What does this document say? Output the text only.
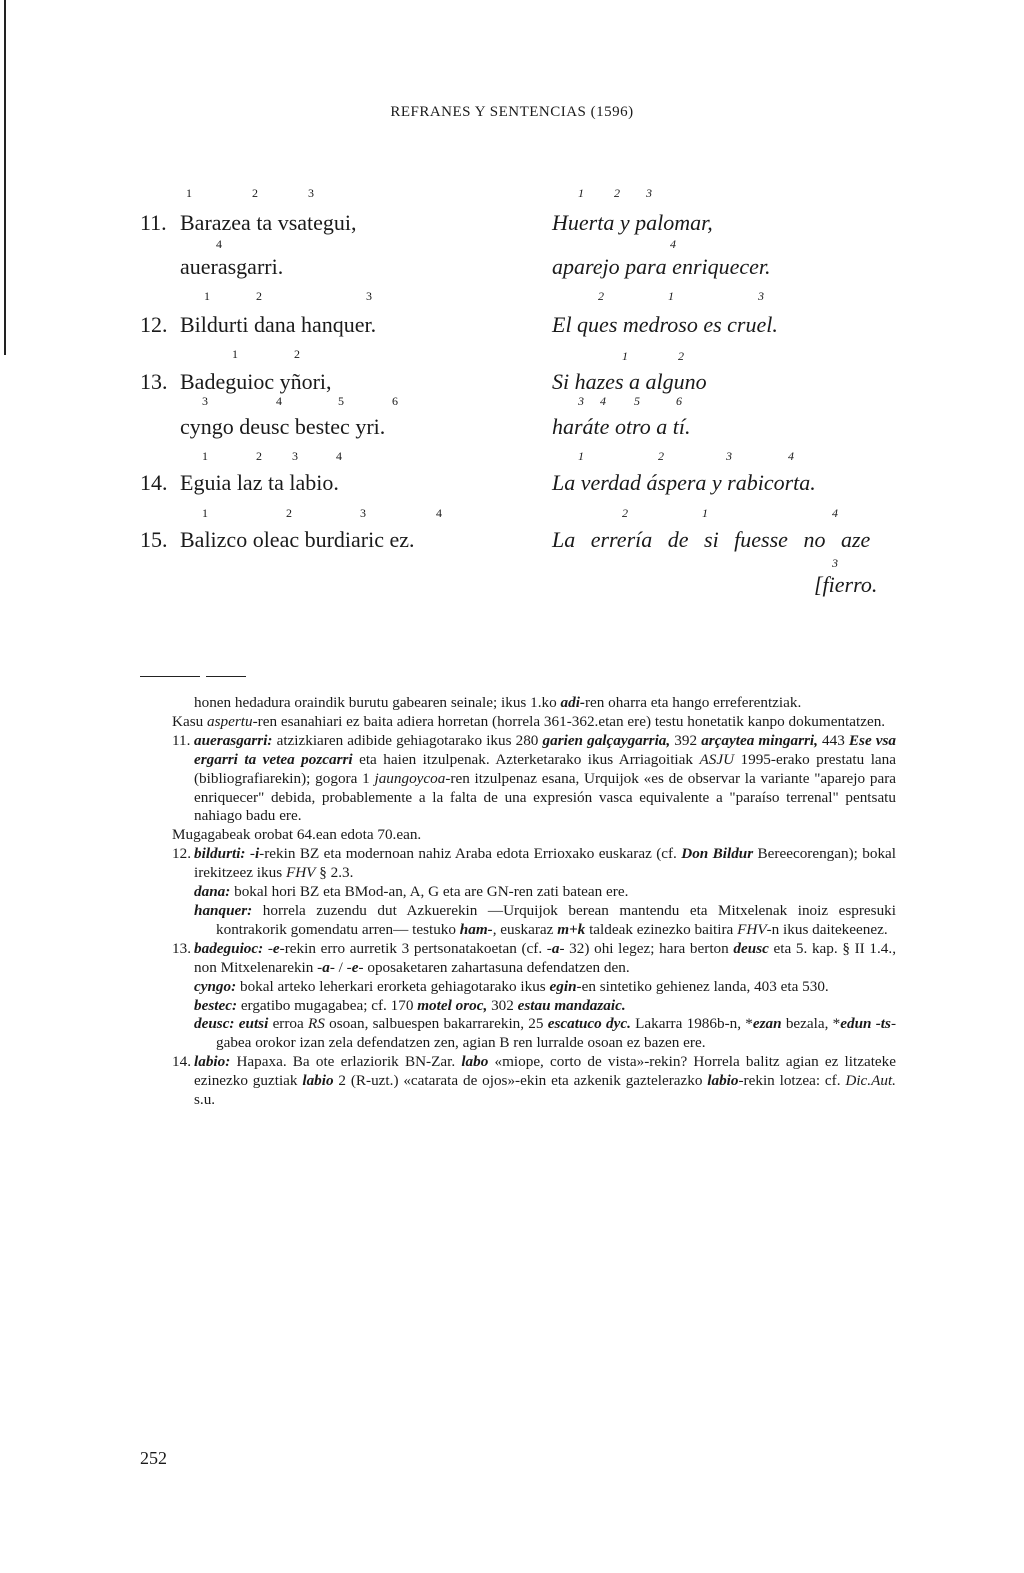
REFRANES Y SENTENCIAS (1596)
11.
1	2	3
Barazea ta vsategui,
4
auerasgarri.
1	2 3
Huerta y palomar,
4
aparejo para enriquecer.
12.
1	2	3
Bildurti dana hanquer.
2	1	3
El ques medroso es cruel.
13.
1	2
Badeguioc yñori,
3	4	5	6
cyngo deusc bestec yri.
1	2
Si hazes a alguno
3 4 5	6
haráte otro a tí.
14.
1	2	3	4
Eguia laz ta labio.
1	2	3	4
La verdad áspera y rabicorta.
15.
1	2	3	4
Balizco oleac burdiaric ez.
2	1	4
La errería de si fuesse no aze
3
[fierro.

honen hedadura oraindik burutu gabearen seinale; ikus 1.ko adi-ren oharra eta hango erreferentziak.

Kasu aspertu-ren esanahiari ez baita adiera horretan (horrela 361-362.etan ere) testu honetatik kanpo dokumentatzen.

11. auerasgarri: atzizkiaren adibide gehiagotarako ikus 280 garien galçaygarria, 392 arçaytea mingarri, 443 Ese vsa ergarri ta vetea pozcarri eta haien itzulpenak. Azterketarako ikus Arriagoitiak ASJU 1995-erako prestatu lana (bibliografiarekin); gogora 1 jaungoycoa-ren itzulpenaz esana, Urquijok «es de observar la variante "aparejo para enriquecer" debida, probablemente a la falta de una expresión vasca equivalente a "paraíso terrenal" pentsatu nahiago badu ere.

Mugagabeak orobat 64.ean edota 70.ean.

12. bildurti: -i-rekin BZ eta modernoan nahiz Araba edota Errioxako euskaraz (cf. Don Bildur Bereecorengan); bokal irekitzeez ikus FHV § 2.3.

dana: bokal hori BZ eta BMod-an, A, G eta are GN-ren zati batean ere.

hanquer: horrela zuzendu dut Azkuerekin —Urquijok berean mantendu eta Mitxelenak inoiz espresuki kontrakorik gomendatu arren— testuko ham-, euskaraz m+k taldeak ezinezko baitira FHV-n ikus daitekeenez.

13. badeguioc: -e-rekin erro aurretik 3 pertsonatakoetan (cf. -a- 32) ohi legez; hara berton deusc eta 5. kap. § II 1.4., non Mitxelenarekin -a- / -e- oposaketaren zahartasuna defendatzen den.

cyngo: bokal arteko leherkari erorketa gehiagotarako ikus egin-en sintetiko gehienez landa, 403 eta 530.

bestec: ergatibo mugagabea; cf. 170 motel oroc, 302 estau mandazaic.

deusc: eutsi erroa RS osoan, salbuespen bakarrarekin, 25 escatuco dyc. Lakarra 1986b-n, *ezan bezala, *edun -ts-gabea orokor izan zela defendatzen zen, agian B ren lurralde osoan ez bazen ere.

14. labio: Hapaxa. Ba ote erlaziorik BN-Zar. labo «miope, corto de vista»-rekin? Horrela balitz agian ez litzateke ezinezko guztiak labio 2 (R-uzt.) «catarata de ojos»-ekin eta azkenik gaztelerazko labio-rekin lotzea: cf. Dic.Aut. s.u.

252
